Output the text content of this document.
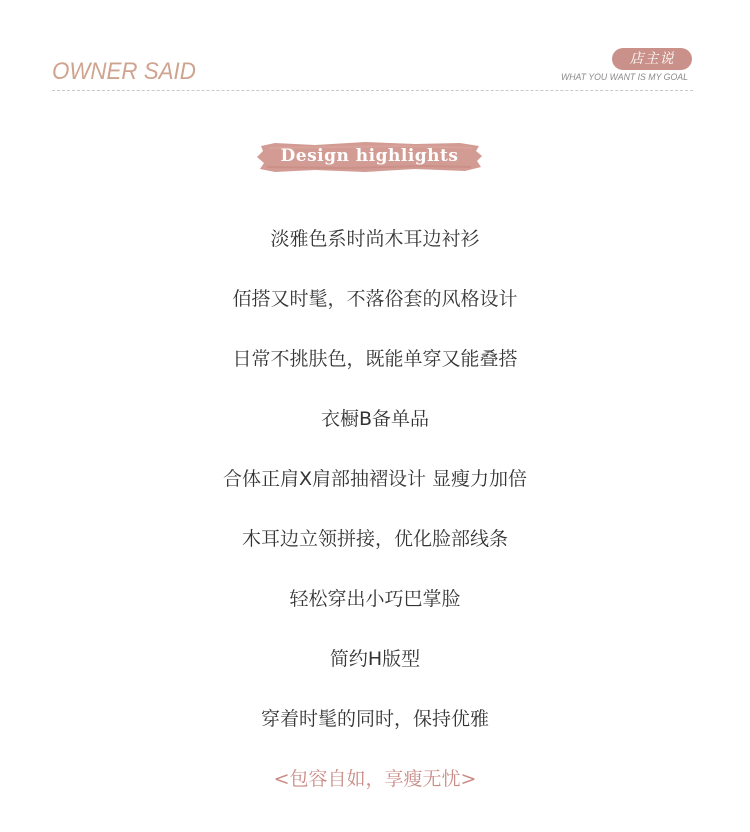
OWNER SAID	店主说
WHAT YOU WANT IS MY GOAL
Design highlights
淡雅色系时尚木耳边衬衫
佰搭又时髦，不落俗套的风格设计
日常不挑肤色，既能单穿又能叠搭
衣橱B备单品
合体正肩X肩部抽褶设计 显瘦力加倍
木耳边立领拼接，优化脸部线条
轻松穿出小巧巴掌脸
简约H版型
穿着时髦的同时，保持优雅
<包容自如，享瘦无忧>
